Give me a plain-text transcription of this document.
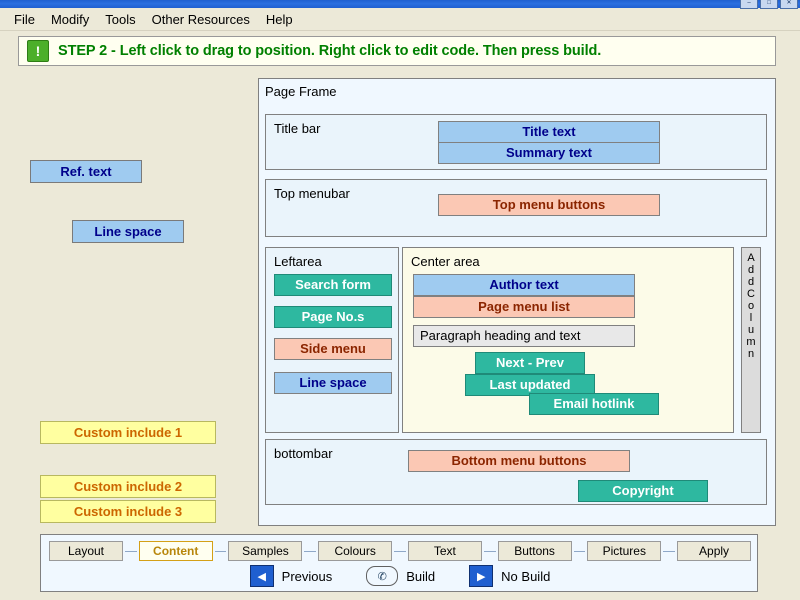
–	□	✕
File	Modify	Tools	Other Resources	Help
!	STEP 2 - Left click to drag to position. Right click to edit code. Then press build.
Ref. text
Line space
Custom include 1
Custom include 2
Custom include 3
Page Frame
Title bar	Title text
Summary text
Top menubar
Top menu buttons
Leftarea
Search form
Page No.s
Side menu
Line space
Center area
Author text
Page menu list
Paragraph heading and text
Next - Prev
Last updated
Email hotlink
A
d
d
C
o
l
u
m
n
bottombar	Bottom menu buttons
Copyright
Layout	Content	Samples	Colours	Text	Buttons	Pictures	Apply
◀	Previous	✆	Build	▶	No Build
